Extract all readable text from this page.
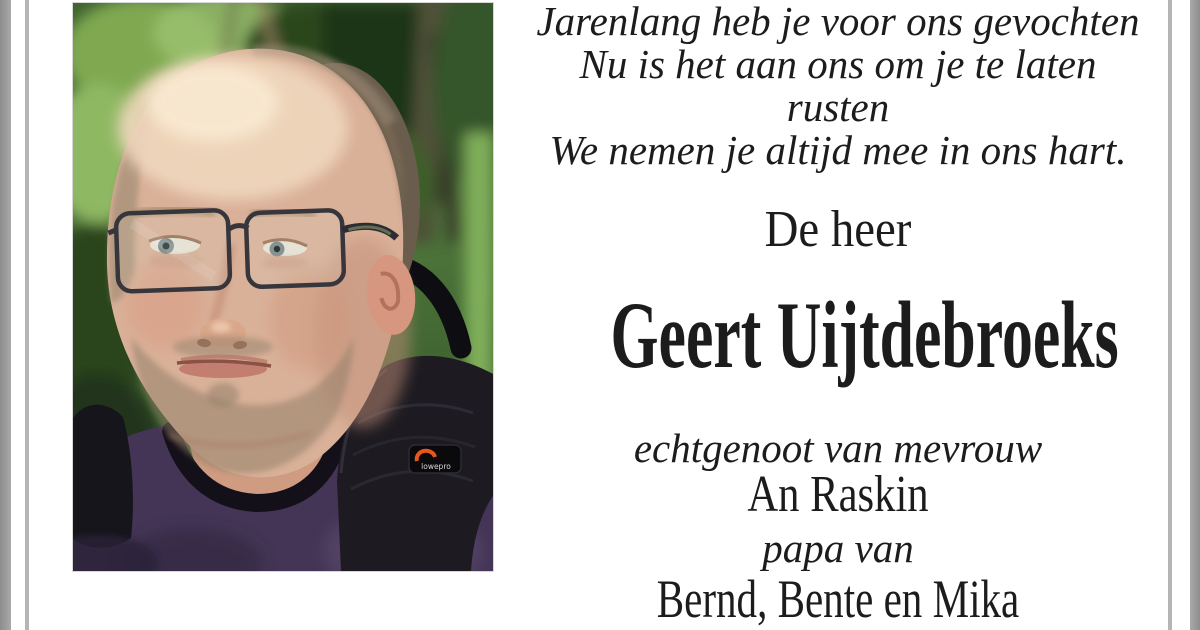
lowepro
Jarenlang heb je voor ons gevochten
Nu is het aan ons om je te laten
rusten
We nemen je altijd mee in ons hart.
De heer
Geert Uijtdebroeks
echtgenoot van mevrouw
An Raskin
papa van
Bernd, Bente en Mika
